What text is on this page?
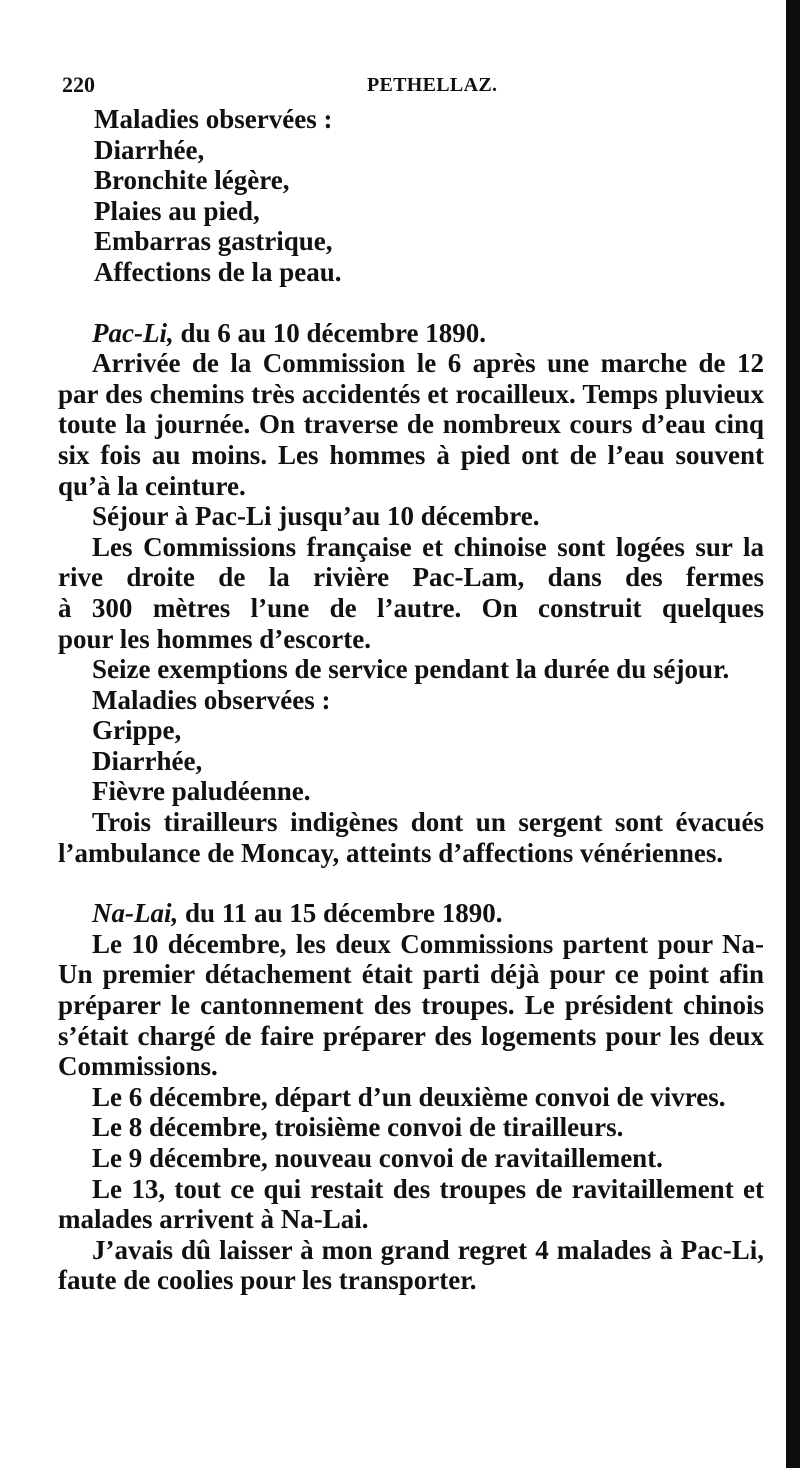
220	PETHELLAZ.
Maladies observées :
Diarrhée,
Bronchite légère,
Plaies au pied,
Embarras gastrique,
Affections de la peau.
Pac-Li, du 6 au 10 décembre 1890.
Arrivée de la Commission le 6 après une marche de 12
par des chemins très accidentés et rocailleux. Temps pluvieux
toute la journée. On traverse de nombreux cours d’eau cinq
six fois au moins. Les hommes à pied ont de l’eau souvent
qu’à la ceinture.
Séjour à Pac-Li jusqu’au 10 décembre.
Les Commissions française et chinoise sont logées sur la
rive droite de la rivière Pac-Lam, dans des fermes
à 300 mètres l’une de l’autre. On construit quelques
pour les hommes d’escorte.
Seize exemptions de service pendant la durée du séjour.
Maladies observées :
Grippe,
Diarrhée,
Fièvre paludéenne.
Trois tirailleurs indigènes dont un sergent sont évacués
l’ambulance de Moncay, atteints d’affections vénériennes.
Na-Lai, du 11 au 15 décembre 1890.
Le 10 décembre, les deux Commissions partent pour Na-
Un premier détachement était parti déjà pour ce point afin
préparer le cantonnement des troupes. Le président chinois
s’était chargé de faire préparer des logements pour les deux
Commissions.
Le 6 décembre, départ d’un deuxième convoi de vivres.
Le 8 décembre, troisième convoi de tirailleurs.
Le 9 décembre, nouveau convoi de ravitaillement.
Le 13, tout ce qui restait des troupes de ravitaillement et
malades arrivent à Na-Lai.
J’avais dû laisser à mon grand regret 4 malades à Pac-Li,
faute de coolies pour les transporter.
